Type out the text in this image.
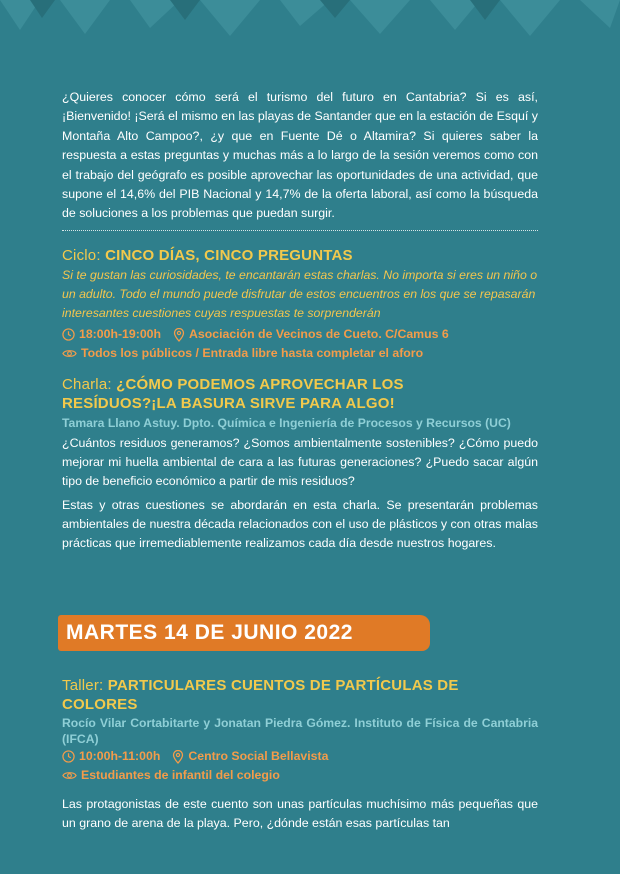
¿Quieres conocer cómo será el turismo del futuro en Cantabria? Si es así, ¡Bienvenido! ¡Será el mismo en las playas de Santander que en la estación de Esquí y Montaña Alto Campoo?, ¿y que en Fuente Dé o Altamira? Si quieres saber la respuesta a estas preguntas y muchas más a lo largo de la sesión veremos como con el trabajo del geógrafo es posible aprovechar las oportunidades de una actividad, que supone el 14,6% del PIB Nacional y 14,7% de la oferta laboral, así como la búsqueda de soluciones a los problemas que puedan surgir.
Ciclo: CINCO DÍAS, CINCO PREGUNTAS
Si te gustan las curiosidades, te encantarán estas charlas. No importa si eres un niño o un adulto. Todo el mundo puede disfrutar de estos encuentros en los que se repasarán interesantes cuestiones cuyas respuestas te sorprenderán
18:00h-19:00h Asociación de Vecinos de Cueto. C/Camus 6
Todos los públicos / Entrada libre hasta completar el aforo
Charla: ¿CÓMO PODEMOS APROVECHAR LOS
RESÍDUOS?¡LA BASURA SIRVE PARA ALGO!
Tamara Llano Astuy. Dpto. Química e Ingeniería de Procesos y Recursos (UC)
¿Cuántos residuos generamos? ¿Somos ambientalmente sostenibles? ¿Cómo puedo mejorar mi huella ambiental de cara a las futuras generaciones? ¿Puedo sacar algún tipo de beneficio económico a partir de mis residuos?
Estas y otras cuestiones se abordarán en esta charla. Se presentarán problemas ambientales de nuestra década relacionados con el uso de plásticos y con otras malas prácticas que irremediablemente realizamos cada día desde nuestros hogares.
MARTES 14 DE JUNIO 2022
Taller: PARTICULARES CUENTOS DE PARTÍCULAS DE
COLORES
Rocío Vilar Cortabitarte y Jonatan Piedra Gómez. Instituto de Física de Cantabria (IFCA)
10:00h-11:00h Centro Social Bellavista
Estudiantes de infantil del colegio
Las protagonistas de este cuento son unas partículas muchísimo más pequeñas que un grano de arena de la playa. Pero, ¿dónde están esas partículas tan
